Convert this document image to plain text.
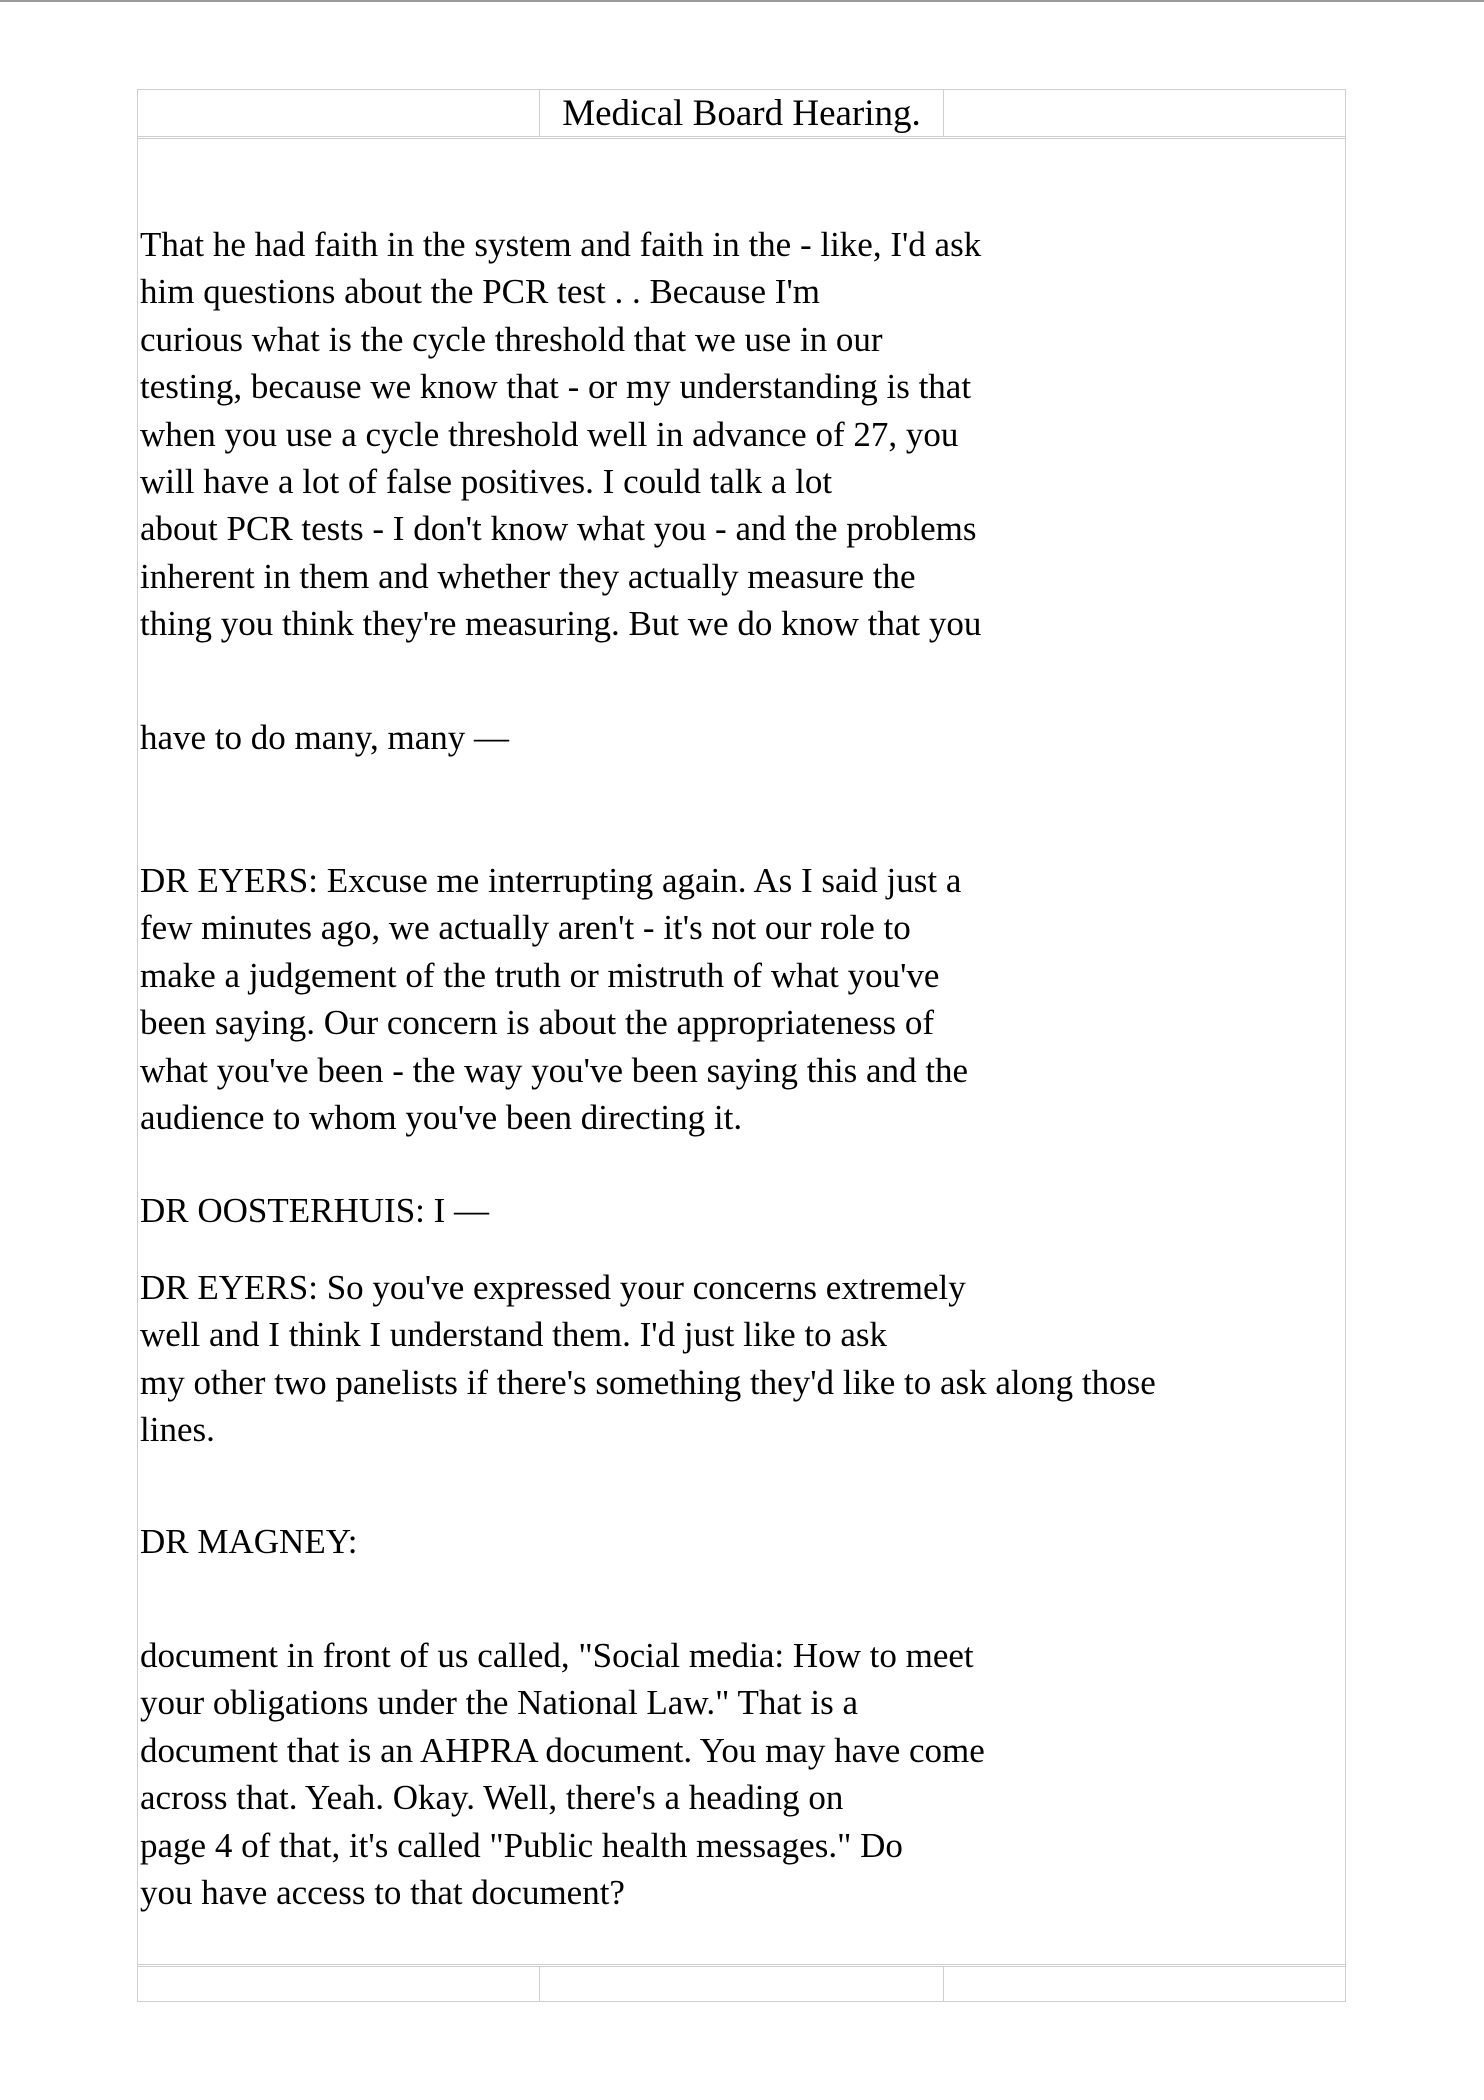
Medical Board Hearing.

That he had faith in the system and faith in the - like, I'd ask
him questions about the PCR test . . Because I'm
curious what is the cycle threshold that we use in our
testing, because we know that - or my understanding is that
when you use a cycle threshold well in advance of 27, you
will have a lot of false positives. I could talk a lot
about PCR tests - I don't know what you - and the problems
inherent in them and whether they actually measure the
thing you think they're measuring. But we do know that you

have to do many, many —

DR EYERS: Excuse me interrupting again. As I said just a
few minutes ago, we actually aren't - it's not our role to
make a judgement of the truth or mistruth of what you've
been saying. Our concern is about the appropriateness of
what you've been - the way you've been saying this and the
audience to whom you've been directing it.

DR OOSTERHUIS: I —

DR EYERS: So you've expressed your concerns extremely
well and I think I understand them. I'd just like to ask
my other two panelists if there's something they'd like to ask along those
lines.

DR MAGNEY:

document in front of us called, "Social media: How to meet
your obligations under the National Law." That is a
document that is an AHPRA document. You may have come
across that. Yeah. Okay. Well, there's a heading on
page 4 of that, it's called "Public health messages." Do
you have access to that document?
